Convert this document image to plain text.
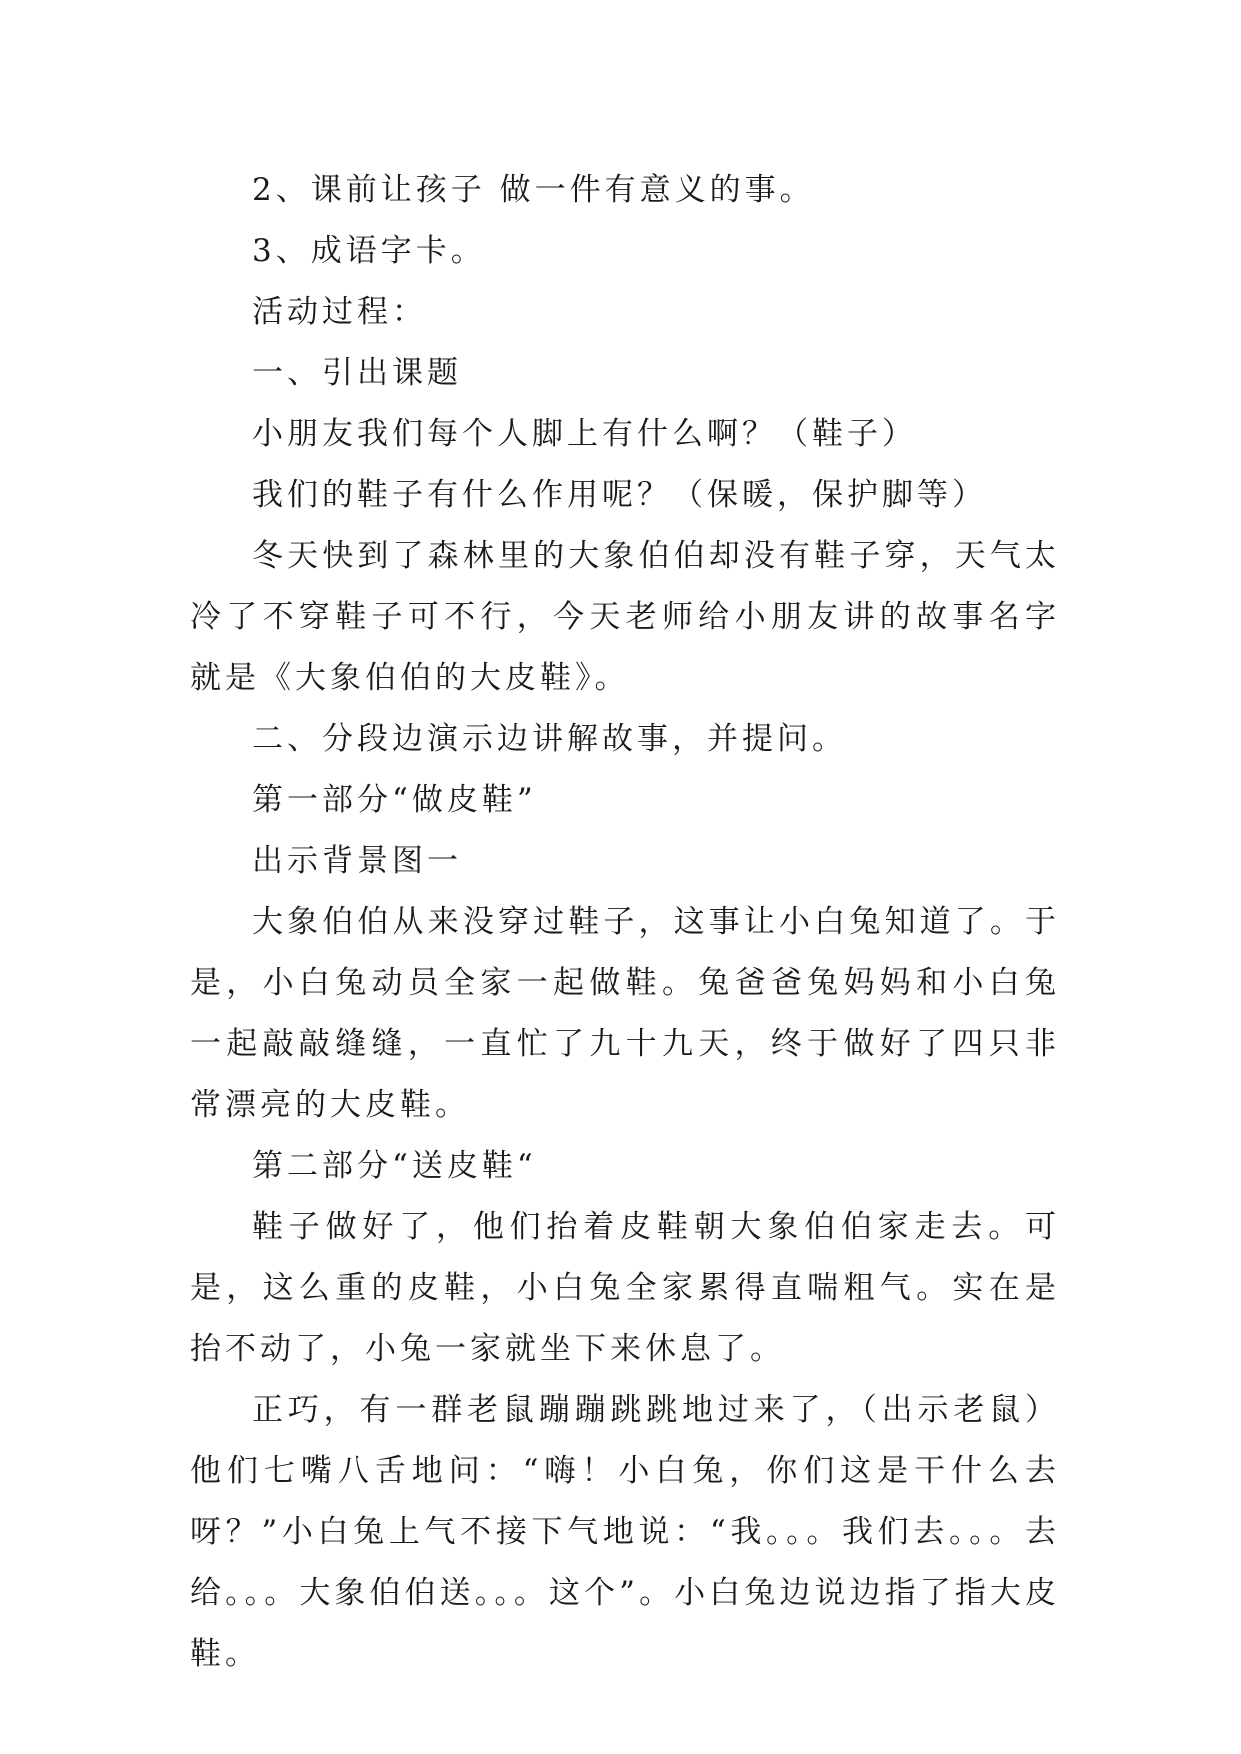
2、课前让孩子 做一件有意义的事。

3、成语字卡。

活动过程：

一、引出课题

小朋友我们每个人脚上有什么啊？（鞋子）

我们的鞋子有什么作用呢？（保暖，保护脚等）

冬天快到了森林里的大象伯伯却没有鞋子穿，天气太冷了不穿鞋子可不行，今天老师给小朋友讲的故事名字就是《大象伯伯的大皮鞋》。

二、分段边演示边讲解故事，并提问。

第一部分“做皮鞋”

出示背景图一

大象伯伯从来没穿过鞋子，这事让小白兔知道了。于是，小白兔动员全家一起做鞋。兔爸爸兔妈妈和小白兔一起敲敲缝缝，一直忙了九十九天，终于做好了四只非常漂亮的大皮鞋。

第二部分“送皮鞋“

鞋子做好了，他们抬着皮鞋朝大象伯伯家走去。可是，这么重的皮鞋，小白兔全家累得直喘粗气。实在是抬不动了，小兔一家就坐下来休息了。

正巧，有一群老鼠蹦蹦跳跳地过来了，（出示老鼠）他们七嘴八舌地问：“嗨！小白兔，你们这是干什么去呀？”小白兔上气不接下气地说：“我。。。我们去。。。去给。。。大象伯伯送。。。这个”。小白兔边说边指了指大皮鞋。
